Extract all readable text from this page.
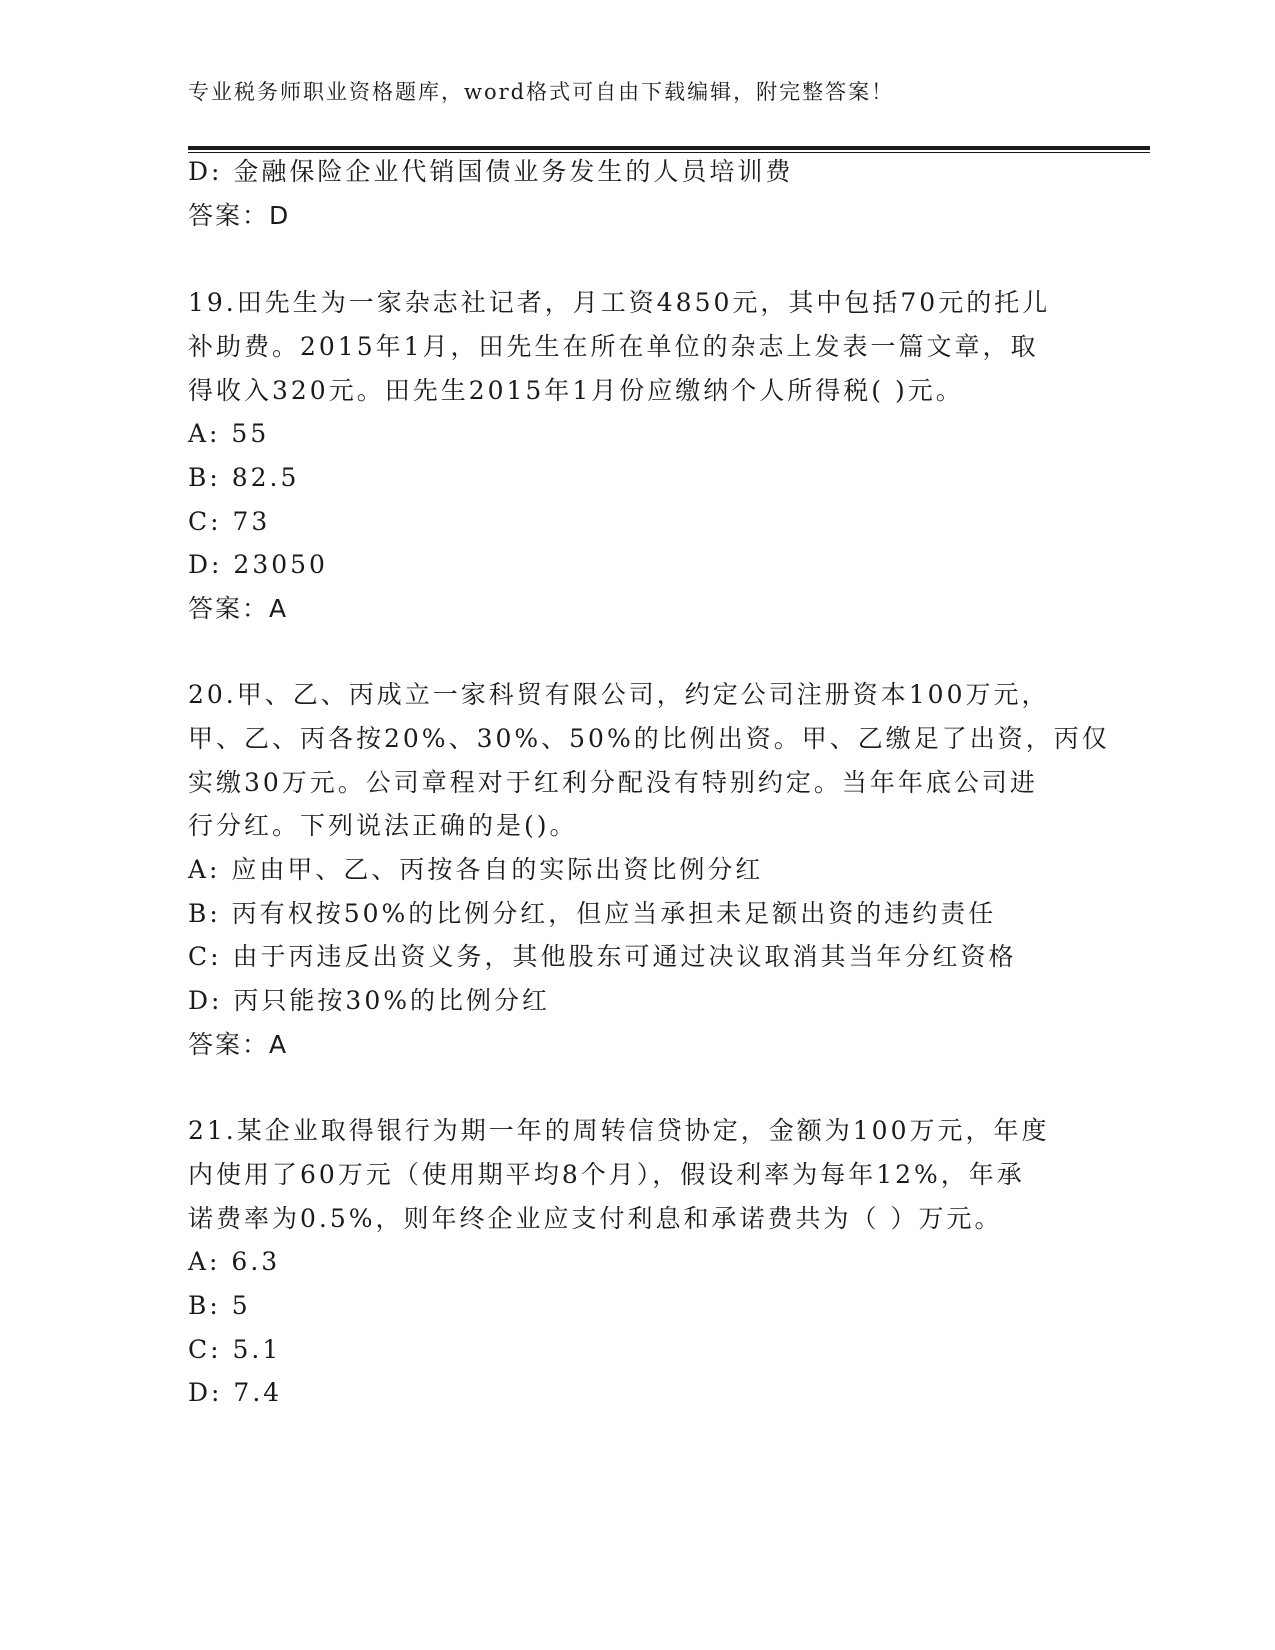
专业税务师职业资格题库，word格式可自由下载编辑，附完整答案！
D: 金融保险企业代销国债业务发生的人员培训费
答案：D
19.田先生为一家杂志社记者，月工资4850元，其中包括70元的托儿
补助费。2015年1月，田先生在所在单位的杂志上发表一篇文章，取
得收入320元。田先生2015年1月份应缴纳个人所得税( )元。
A: 55
B: 82.5
C: 73
D: 23050
答案：A
20.甲、乙、丙成立一家科贸有限公司，约定公司注册资本100万元，
甲、乙、丙各按20%、30%、50%的比例出资。甲、乙缴足了出资，丙仅
实缴30万元。公司章程对于红利分配没有特别约定。当年年底公司进
行分红。下列说法正确的是()。
A: 应由甲、乙、丙按各自的实际出资比例分红
B: 丙有权按50%的比例分红，但应当承担未足额出资的违约责任
C: 由于丙违反出资义务，其他股东可通过决议取消其当年分红资格
D: 丙只能按30%的比例分红
答案：A
21.某企业取得银行为期一年的周转信贷协定，金额为100万元，年度
内使用了60万元（使用期平均8个月），假设利率为每年12%，年承
诺费率为0.5%，则年终企业应支付利息和承诺费共为（ ）万元。
A: 6.3
B: 5
C: 5.1
D: 7.4
